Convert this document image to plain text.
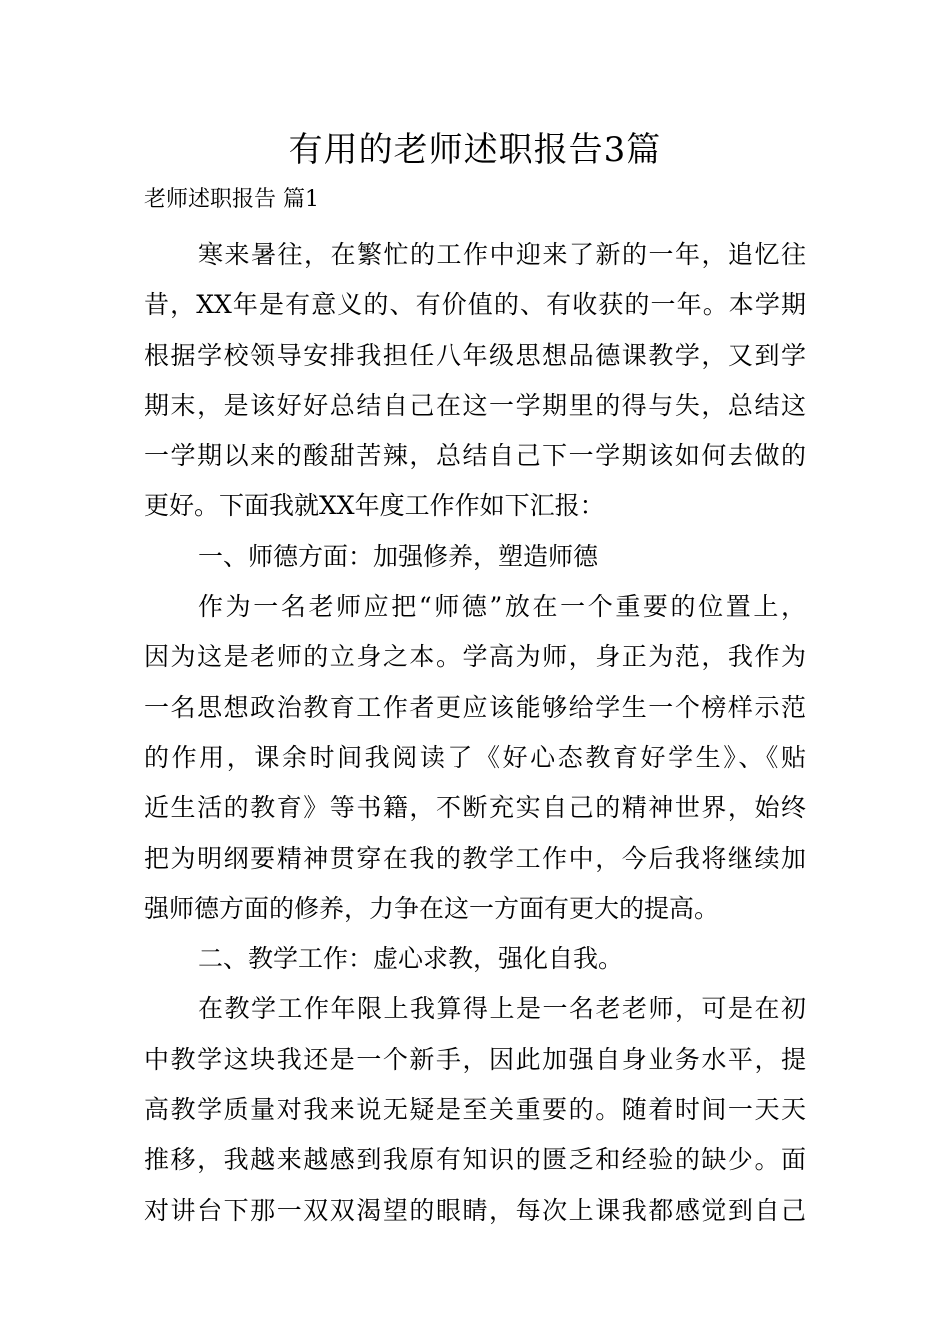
有用的老师述职报告3篇

老师述职报告 篇1

寒来暑往，在繁忙的工作中迎来了新的一年，追忆往

昔，XX年是有意义的、有价值的、有收获的一年。本学期

根据学校领导安排我担任八年级思想品德课教学，又到学

期末，是该好好总结自己在这一学期里的得与失，总结这

一学期以来的酸甜苦辣，总结自己下一学期该如何去做的

更好。下面我就XX年度工作作如下汇报：

一、师德方面：加强修养，塑造师德

作为一名老师应把“师德”放在一个重要的位置上，

因为这是老师的立身之本。学高为师，身正为范，我作为

一名思想政治教育工作者更应该能够给学生一个榜样示范

的作用，课余时间我阅读了《好心态教育好学生》、《贴

近生活的教育》等书籍，不断充实自己的精神世界，始终

把为明纲要精神贯穿在我的教学工作中，今后我将继续加

强师德方面的修养，力争在这一方面有更大的提高。

二、教学工作：虚心求教，强化自我。

在教学工作年限上我算得上是一名老老师，可是在初

中教学这块我还是一个新手，因此加强自身业务水平，提

高教学质量对我来说无疑是至关重要的。随着时间一天天

推移，我越来越感到我原有知识的匮乏和经验的缺少。面

对讲台下那一双双渴望的眼睛，每次上课我都感觉到自己
